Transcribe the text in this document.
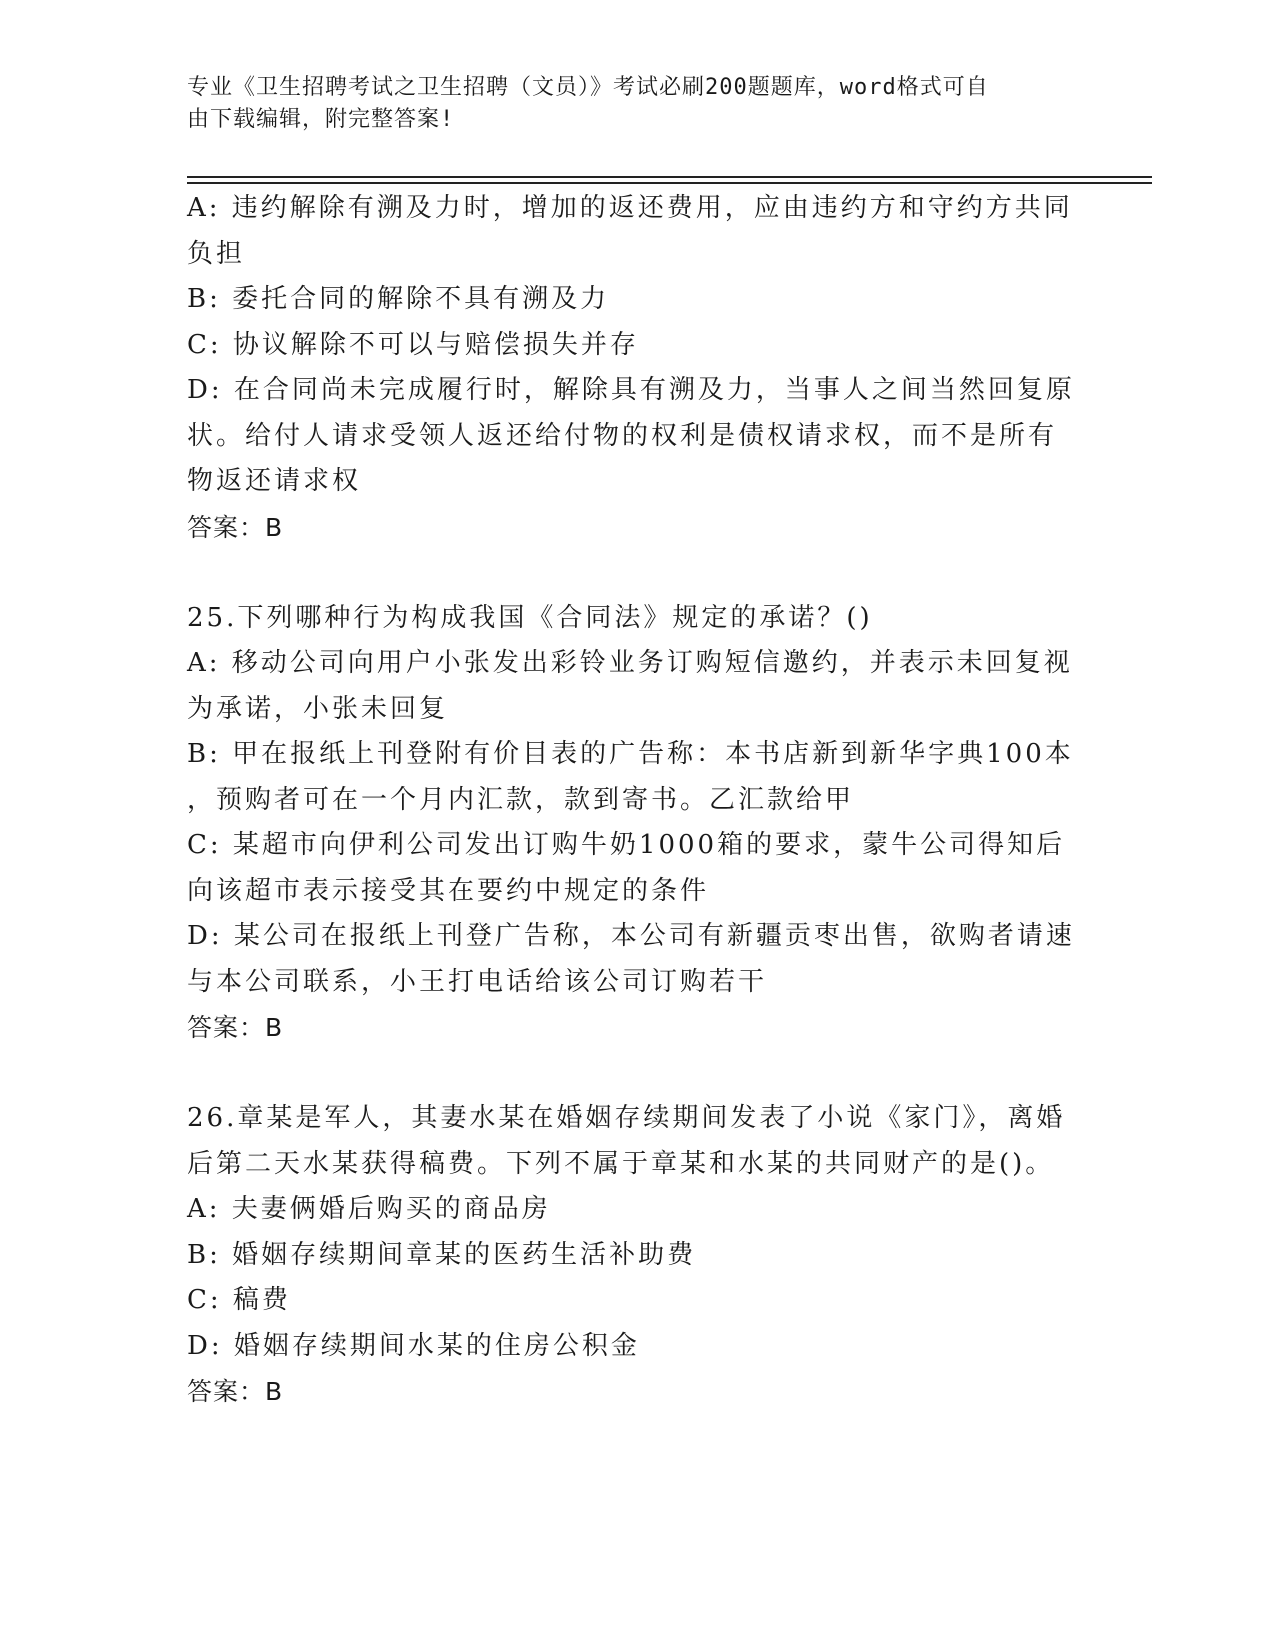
专业《卫生招聘考试之卫生招聘（文员）》考试必刷200题题库，word格式可自
由下载编辑，附完整答案!
A: 违约解除有溯及力时，增加的返还费用，应由违约方和守约方共同
负担
B: 委托合同的解除不具有溯及力
C: 协议解除不可以与赔偿损失并存
D: 在合同尚未完成履行时，解除具有溯及力，当事人之间当然回复原
状。给付人请求受领人返还给付物的权利是债权请求权，而不是所有
物返还请求权
答案：B
25.下列哪种行为构成我国《合同法》规定的承诺？()
A: 移动公司向用户小张发出彩铃业务订购短信邀约，并表示未回复视
为承诺，小张未回复
B: 甲在报纸上刊登附有价目表的广告称：本书店新到新华字典100本
，预购者可在一个月内汇款，款到寄书。乙汇款给甲
C: 某超市向伊利公司发出订购牛奶1000箱的要求，蒙牛公司得知后
向该超市表示接受其在要约中规定的条件
D: 某公司在报纸上刊登广告称，本公司有新疆贡枣出售，欲购者请速
与本公司联系，小王打电话给该公司订购若干
答案：B
26.章某是军人，其妻水某在婚姻存续期间发表了小说《家门》，离婚
后第二天水某获得稿费。下列不属于章某和水某的共同财产的是()。
A: 夫妻俩婚后购买的商品房
B: 婚姻存续期间章某的医药生活补助费
C: 稿费
D: 婚姻存续期间水某的住房公积金
答案：B
